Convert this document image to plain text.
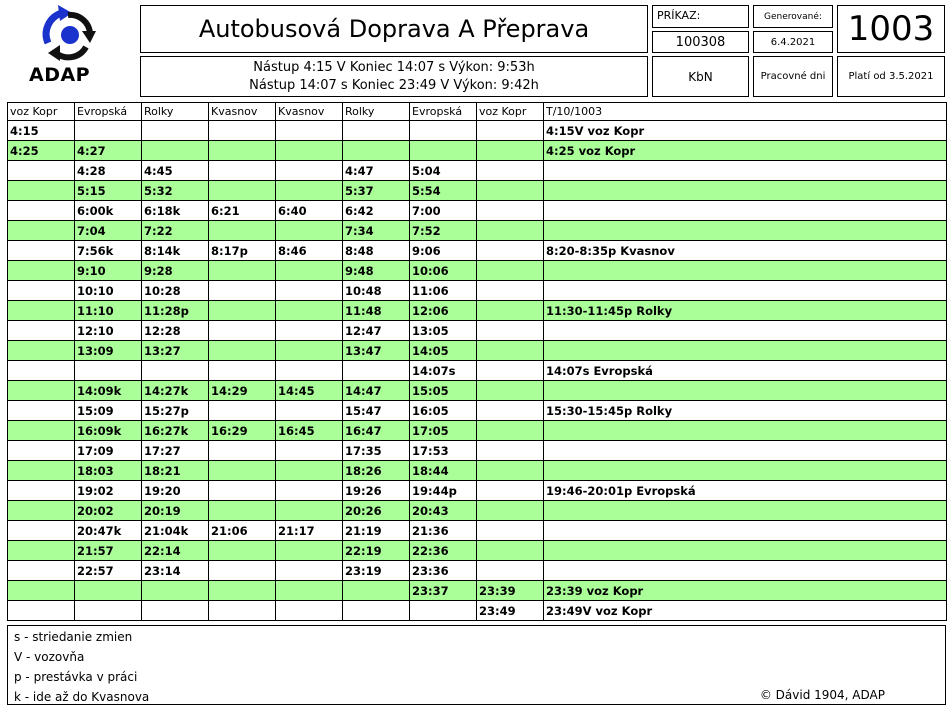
ADAP
Autobusová Doprava A Přeprava
Nástup 4:15 V Koniec 14:07 s Výkon: 9:53h
Nástup 14:07 s Koniec 23:49 V Výkon: 9:42h
PRÍKAZ:
100308
Generované:
6.4.2021 1003
KbN	Pracovné dni	Platí od 3.5.2021
voz Kopr	Evropská	Rolky	Kvasnov	Kvasnov	Rolky	Evropská	voz Kopr	T/10/1003
4:15								4:15V voz Kopr
4:25	4:27							4:25 voz Kopr
	4:28	4:45			4:47	5:04		
	5:15	5:32			5:37	5:54		
	6:00k	6:18k	6:21	6:40	6:42	7:00		
	7:04	7:22			7:34	7:52		
	7:56k	8:14k	8:17p	8:46	8:48	9:06		8:20-8:35p Kvasnov
	9:10	9:28			9:48	10:06		
	10:10	10:28			10:48	11:06		
	11:10	11:28p			11:48	12:06		11:30-11:45p Rolky
	12:10	12:28			12:47	13:05		
	13:09	13:27			13:47	14:05		
						14:07s		14:07s Evropská
	14:09k	14:27k	14:29	14:45	14:47	15:05		
	15:09	15:27p			15:47	16:05		15:30-15:45p Rolky
	16:09k	16:27k	16:29	16:45	16:47	17:05		
	17:09	17:27			17:35	17:53		
	18:03	18:21			18:26	18:44		
	19:02	19:20			19:26	19:44p		19:46-20:01p Evropská
	20:02	20:19			20:26	20:43		
	20:47k	21:04k	21:06	21:17	21:19	21:36		
	21:57	22:14			22:19	22:36		
	22:57	23:14			23:19	23:36		
						23:37	23:39	23:39 voz Kopr
							23:49	23:49V voz Kopr
s - striedanie zmien
V - vozovňa
p - prestávka v práci
k - ide až do Kvasnova	© Dávid 1904, ADAP
